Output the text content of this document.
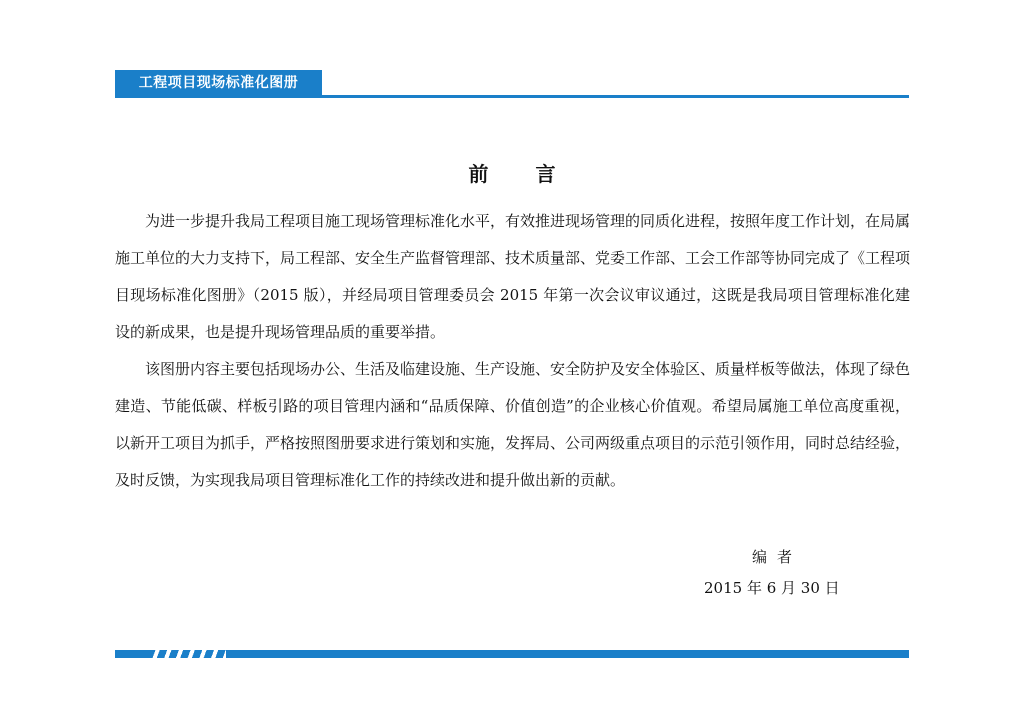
工程项目现场标准化图册
前 言

为进一步提升我局工程项目施工现场管理标准化水平，有效推进现场管理的同质化进程，按照年度工作计划，在局属施工单位的大力支持下，局工程部、安全生产监督管理部、技术质量部、党委工作部、工会工作部等协同完成了《工程项目现场标准化图册》（2015 版），并经局项目管理委员会 2015 年第一次会议审议通过，这既是我局项目管理标准化建设的新成果，也是提升现场管理品质的重要举措。

该图册内容主要包括现场办公、生活及临建设施、生产设施、安全防护及安全体验区、质量样板等做法，体现了绿色建造、节能低碳、样板引路的项目管理内涵和“品质保障、价值创造”的企业核心价值观。希望局属施工单位高度重视，以新开工项目为抓手，严格按照图册要求进行策划和实施，发挥局、公司两级重点项目的示范引领作用，同时总结经验，及时反馈，为实现我局项目管理标准化工作的持续改进和提升做出新的贡献。

编者
2015 年 6 月 30 日
